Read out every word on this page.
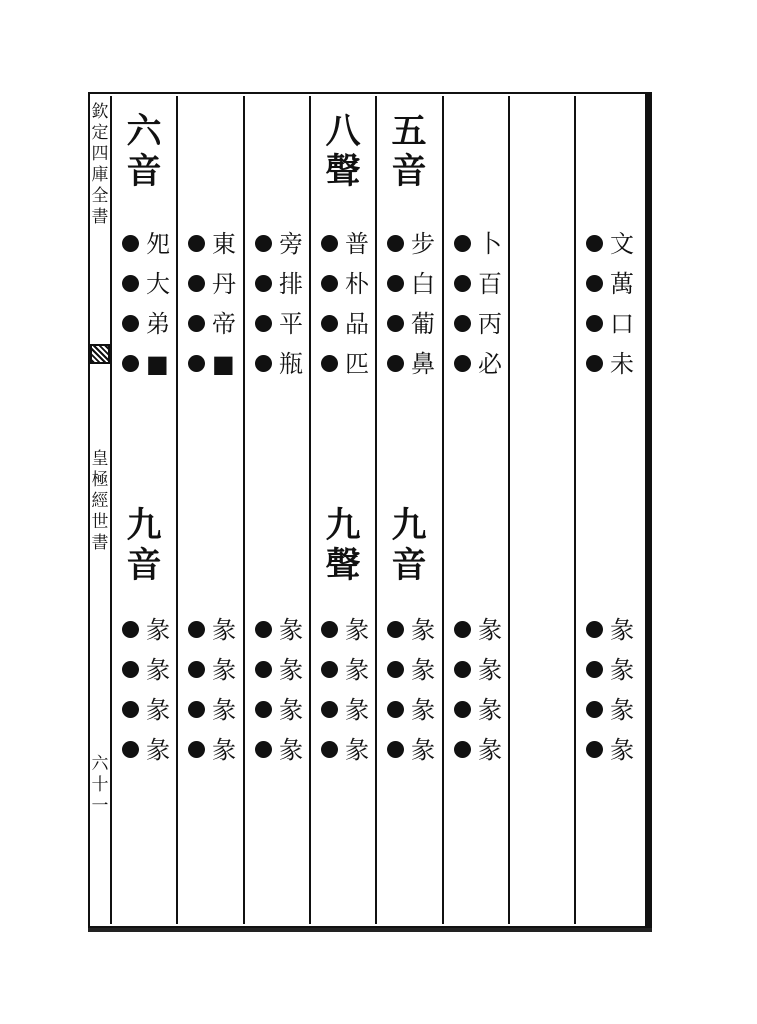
欽
定
四
庫
全
書
皇
極
經
世
書
六
十
一
六
音
九
音
夗
大
弟
■
彖
彖
彖
彖
東
丹
帝
■
彖
彖
彖
彖
旁
排
平
瓶
彖
彖
彖
彖
八
聲
九
聲
普
朴
品
匹
彖
彖
彖
彖
五
音
九
音
步
白
葡
鼻
彖
彖
彖
彖
卜
百
丙
必
彖
彖
彖
彖
文
萬
口
未
彖
彖
彖
彖
